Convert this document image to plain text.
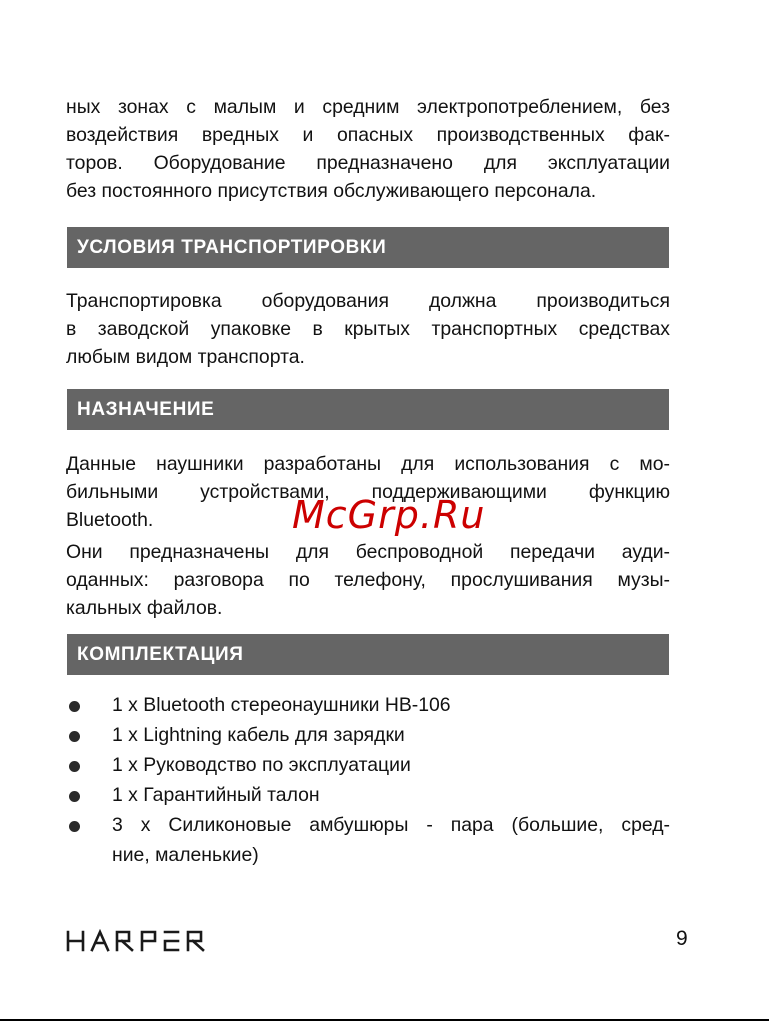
ных зонах с малым и средним электропотреблением, без
воздействия вредных и опасных производственных фак-
торов. Оборудование предназначено для эксплуатации
без постоянного присутствия обслуживающего персонала.
УСЛОВИЯ ТРАНСПОРТИРОВКИ
Транспортировка оборудования должна производиться
в заводской упаковке в крытых транспортных средствах
любым видом транспорта.
НАЗНАЧЕНИЕ
Данные наушники разработаны для использования с мо-
бильными устройствами, поддерживающими функцию
Bluetooth.
Они предназначены для беспроводной передачи ауди-
оданных: разговора по телефону, прослушивания музы-
кальных файлов.
McGrp.Ru
КОМПЛЕКТАЦИЯ
1 x Bluetooth стереонаушники HB-106
1 x Lightning кабель для зарядки
1 x Руководство по эксплуатации
1 x Гарантийный талон
3 x Силиконовые амбушюры - пара (большие, сред-
ние, маленькие)
9
